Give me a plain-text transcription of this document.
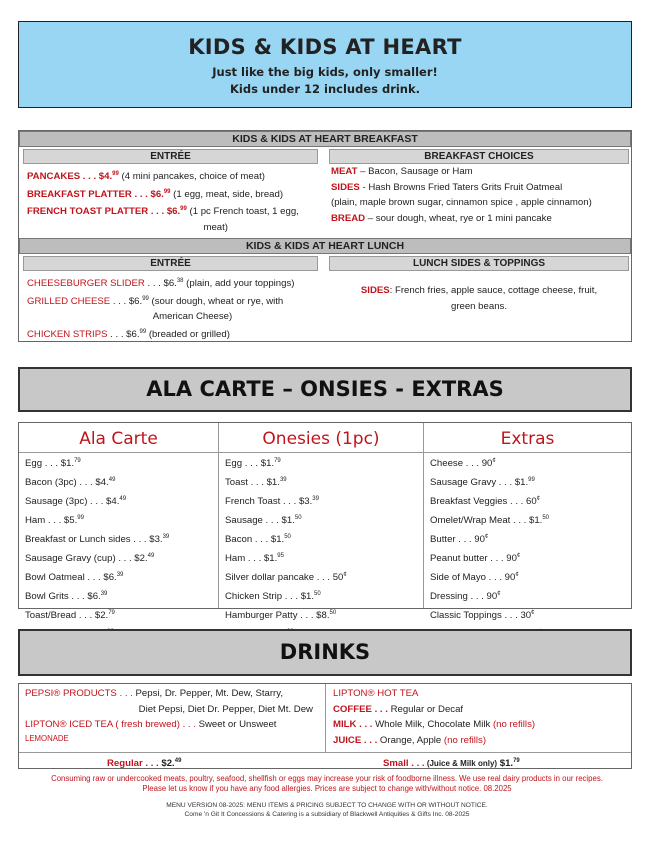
KIDS & KIDS AT HEART
Just like the big kids, only smaller!
Kids under 12 includes drink.
KIDS & KIDS AT HEART BREAKFAST
ENTRÉE
PANCAKES . . . $4.99 (4 mini pancakes, choice of meat)
BREAKFAST PLATTER . . . $6.99 (1 egg, meat, side, bread)
FRENCH TOAST PLATTER . . . $6.99 (1 pc French toast, 1 egg,
meat)
BREAKFAST CHOICES
MEAT – Bacon, Sausage or Ham
SIDES - Hash Browns Fried Taters Grits Fruit Oatmeal
(plain, maple brown sugar, cinnamon spice , apple cinnamon)
BREAD – sour dough, wheat, rye or 1 mini pancake
KIDS & KIDS AT HEART LUNCH
ENTRÉE
CHEESEBURGER SLIDER . . . $6.38 (plain, add your toppings)
GRILLED CHEESE . . . $6.99 (sour dough, wheat or rye, with
American Cheese)
CHICKEN STRIPS . . . $6.99 (breaded or grilled)
LUNCH SIDES & TOPPINGS
SIDES: French fries, apple sauce, cottage cheese, fruit,
green beans.
ALA CARTE – ONSIES - EXTRAS
Ala Carte
Egg . . . $1.79
Bacon (3pc) . . . $4.49
Sausage (3pc) . . . $4.49
Ham . . . $5.99
Breakfast or Lunch sides . . . $3.39
Sausage Gravy (cup) . . . $2.49
Bowl Oatmeal . . . $6.39
Bowl Grits . . . $6.39
Toast/Bread . . . $2.79
Onesies (1pc)
Egg . . . $1.79
Toast . . . $1.39
French Toast . . . $3.39
Sausage . . . $1.50
Bacon . . . $1.50
Ham . . . $1.95
Silver dollar pancake . . . 50¢
Chicken Strip . . . $1.50
Hamburger Patty . . . $8.50
Extras
Cheese . . . 90¢
Sausage Gravy . . . $1.99
Breakfast Veggies . . . 60¢
Omelet/Wrap Meat . . . $1.50
Butter . . . 90¢
Peanut butter . . . 90¢
Side of Mayo . . . 90¢
Dressing . . . 90¢
Classic Toppings . . . 30¢
DRINKS
PEPSI® PRODUCTS . . . Pepsi, Dr. Pepper, Mt. Dew, Starry,
Diet Pepsi, Diet Dr. Pepper, Diet Mt. Dew
LIPTON® ICED TEA ( fresh brewed) . . . Sweet or Unsweet
LEMONADE
LIPTON® HOT TEA
COFFEE . . . Regular or Decaf
MILK . . . Whole Milk, Chocolate Milk (no refills)
JUICE . . . Orange, Apple (no refills)
Regular . . . $2.49	Small . . . (Juice & Milk only) $1.79
Consuming raw or undercooked meats, poultry, seafood, shellfish or eggs may increase your risk of foodborne illness. We use real dairy products in our recipes.
Please let us know if you have any food allergies. Prices are subject to change with/without notice. 08.2025
MENU VERSION 08-2025: MENU ITEMS & PRICING SUBJECT TO CHANGE WITH OR WITHOUT NOTICE.
Come 'n Git It Concessions & Catering is a subsidiary of Blackwell Antiquities & Gifts Inc. 08-2025
